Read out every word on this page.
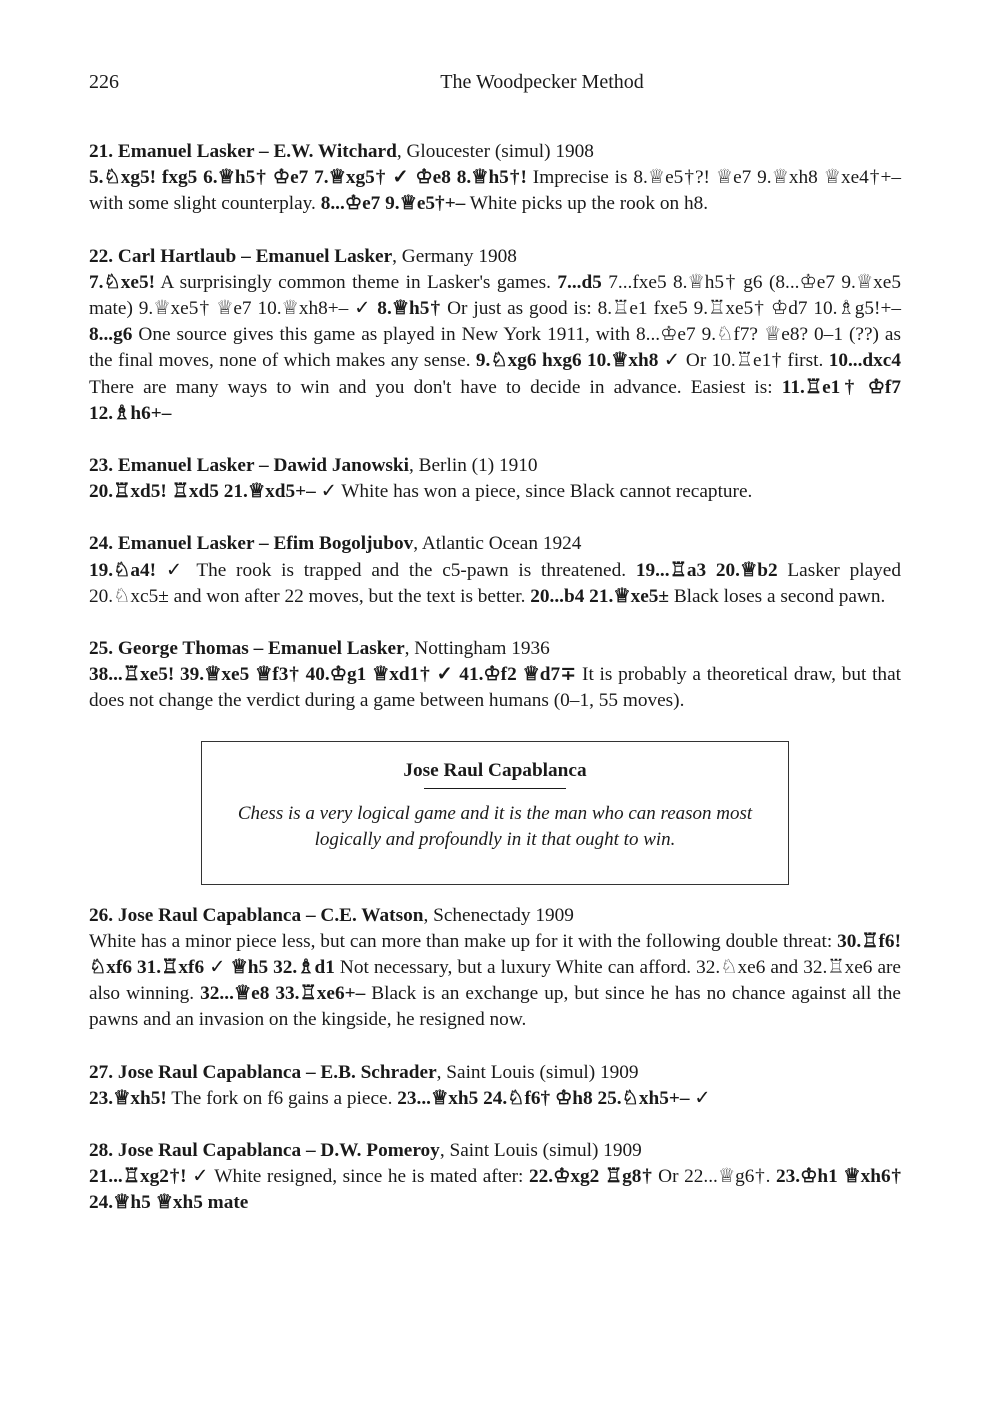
226	The Woodpecker Method

21. Emanuel Lasker – E.W. Witchard, Gloucester (simul) 1908

5.♘xg5! fxg5 6.♕h5† ♔e7 7.♕xg5† ✓ ♔e8 8.♕h5†! Imprecise is 8.♕e5†?! ♕e7 9.♕xh8 ♕xe4†+– with some slight counterplay. 8...♔e7 9.♕e5†+– White picks up the rook on h8.

22. Carl Hartlaub – Emanuel Lasker, Germany 1908

7.♘xe5! A surprisingly common theme in Lasker's games. 7...d5 7...fxe5 8.♕h5† g6 (8...♔e7 9.♕xe5 mate) 9.♕xe5† ♕e7 10.♕xh8+– ✓ 8.♕h5† Or just as good is: 8.♖e1 fxe5 9.♖xe5† ♔d7 10.♗g5!+– 8...g6 One source gives this game as played in New York 1911, with 8...♔e7 9.♘f7? ♕e8? 0–1 (??) as the final moves, none of which makes any sense. 9.♘xg6 hxg6 10.♕xh8 ✓ Or 10.♖e1† first. 10...dxc4 There are many ways to win and you don't have to decide in advance. Easiest is: 11.♖e1† ♔f7 12.♗h6+–

23. Emanuel Lasker – Dawid Janowski, Berlin (1) 1910

20.♖xd5! ♖xd5 21.♕xd5+– ✓ White has won a piece, since Black cannot recapture.

24. Emanuel Lasker – Efim Bogoljubov, Atlantic Ocean 1924

19.♘a4! ✓ The rook is trapped and the c5-pawn is threatened. 19...♖a3 20.♕b2 Lasker played 20.♘xc5± and won after 22 moves, but the text is better. 20...b4 21.♕xe5± Black loses a second pawn.

25. George Thomas – Emanuel Lasker, Nottingham 1936

38...♖xe5! 39.♕xe5 ♕f3† 40.♔g1 ♕xd1† ✓ 41.♔f2 ♕d7∓ It is probably a theoretical draw, but that does not change the verdict during a game between humans (0–1, 55 moves).

Jose Raul Capablanca
Chess is a very logical game and it is the man who can reason most logically and profoundly in it that ought to win.

26. Jose Raul Capablanca – C.E. Watson, Schenectady 1909

White has a minor piece less, but can more than make up for it with the following double threat: 30.♖f6! ♘xf6 31.♖xf6 ✓ ♕h5 32.♗d1 Not necessary, but a luxury White can afford. 32.♘xe6 and 32.♖xe6 are also winning. 32...♕e8 33.♖xe6+– Black is an exchange up, but since he has no chance against all the pawns and an invasion on the kingside, he resigned now.

27. Jose Raul Capablanca – E.B. Schrader, Saint Louis (simul) 1909

23.♕xh5! The fork on f6 gains a piece. 23...♕xh5 24.♘f6† ♔h8 25.♘xh5+– ✓

28. Jose Raul Capablanca – D.W. Pomeroy, Saint Louis (simul) 1909

21...♖xg2†! ✓ White resigned, since he is mated after: 22.♔xg2 ♖g8† Or 22...♕g6†. 23.♔h1 ♕xh6† 24.♕h5 ♕xh5 mate
